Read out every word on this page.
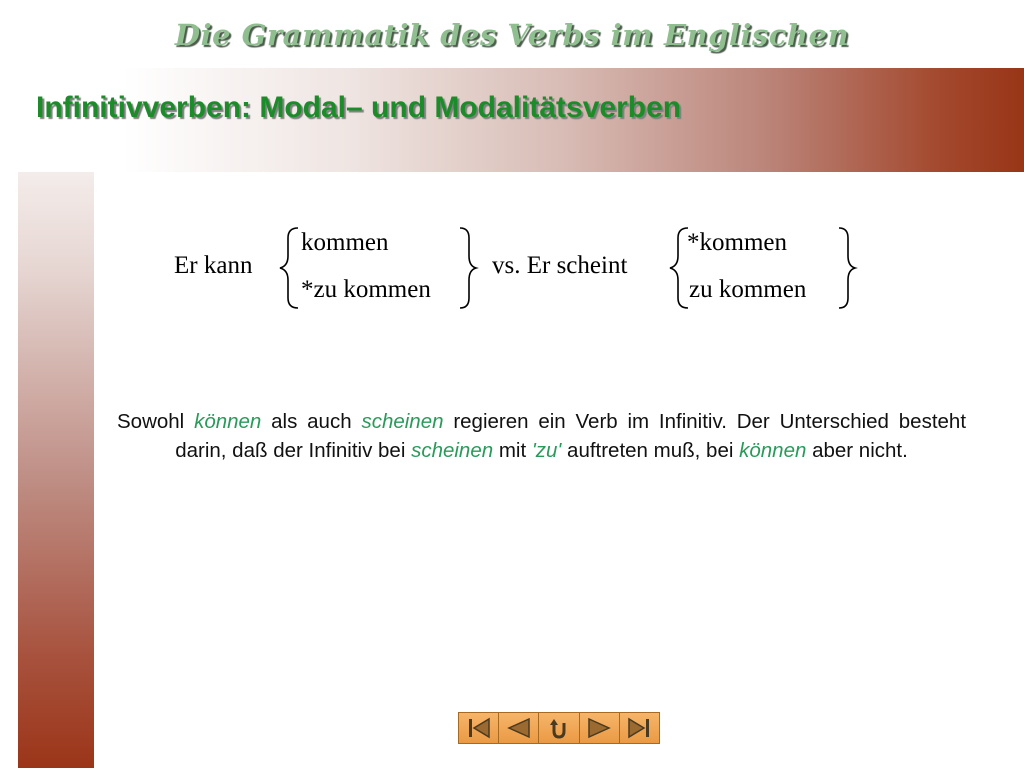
Die Grammatik des Verbs im Englischen
Infinitivverben: Modal– und Modalitätsverben
Er kann
kommen
*zu kommen
vs. Er scheint
*kommen
zu kommen

Sowohl können als auch scheinen regieren ein Verb im Infinitiv. Der Unterschied besteht darin, daß der Infinitiv bei scheinen mit 'zu' auftreten muß, bei können aber nicht.
